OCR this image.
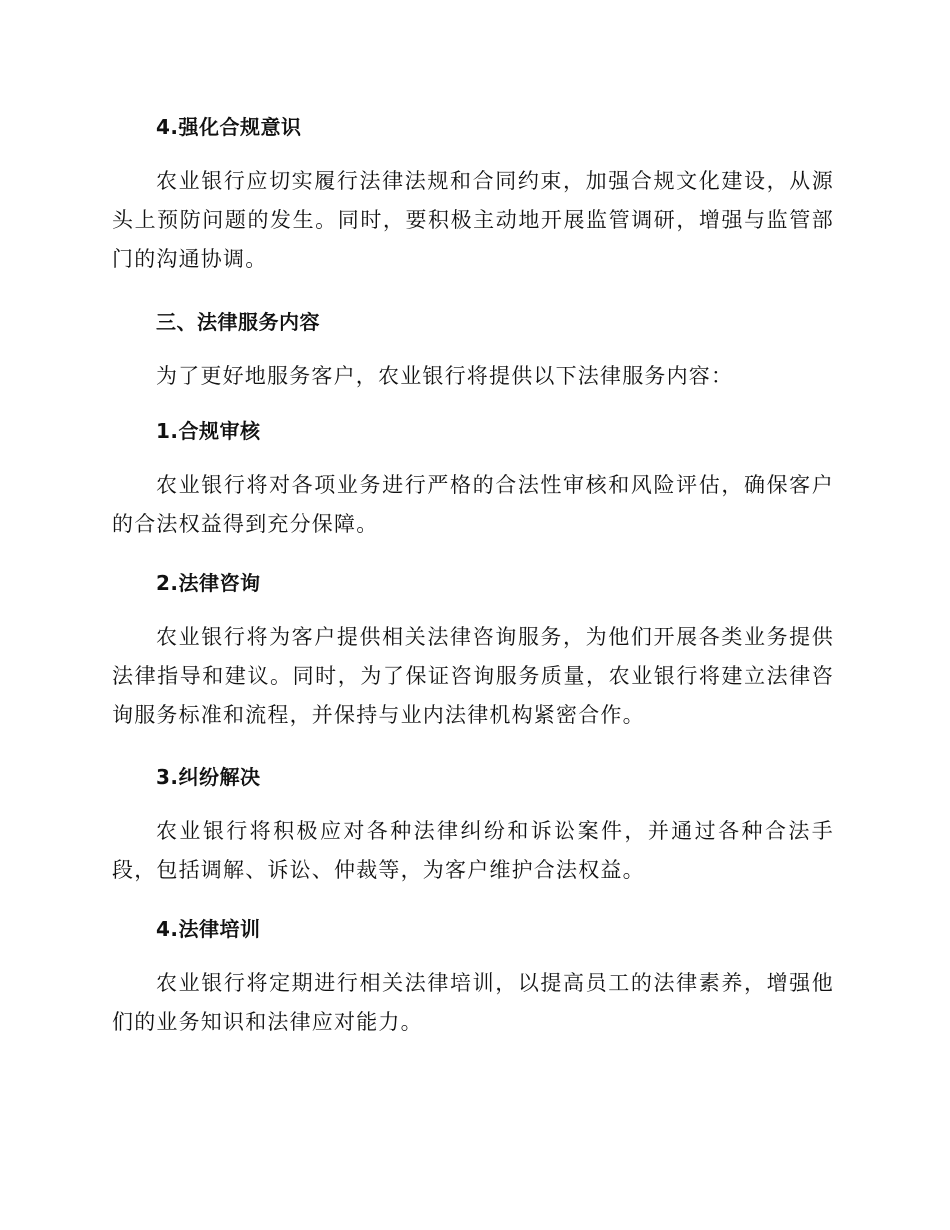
4.强化合规意识

农业银行应切实履行法律法规和合同约束，加强合规文化建设，从源头上预防问题的发生。同时，要积极主动地开展监管调研，增强与监管部门的沟通协调。

三、法律服务内容

为了更好地服务客户，农业银行将提供以下法律服务内容：

1.合规审核

农业银行将对各项业务进行严格的合法性审核和风险评估，确保客户的合法权益得到充分保障。

2.法律咨询

农业银行将为客户提供相关法律咨询服务，为他们开展各类业务提供法律指导和建议。同时，为了保证咨询服务质量，农业银行将建立法律咨询服务标准和流程，并保持与业内法律机构紧密合作。

3.纠纷解决

农业银行将积极应对各种法律纠纷和诉讼案件，并通过各种合法手段，包括调解、诉讼、仲裁等，为客户维护合法权益。

4.法律培训

农业银行将定期进行相关法律培训，以提高员工的法律素养，增强他们的业务知识和法律应对能力。
